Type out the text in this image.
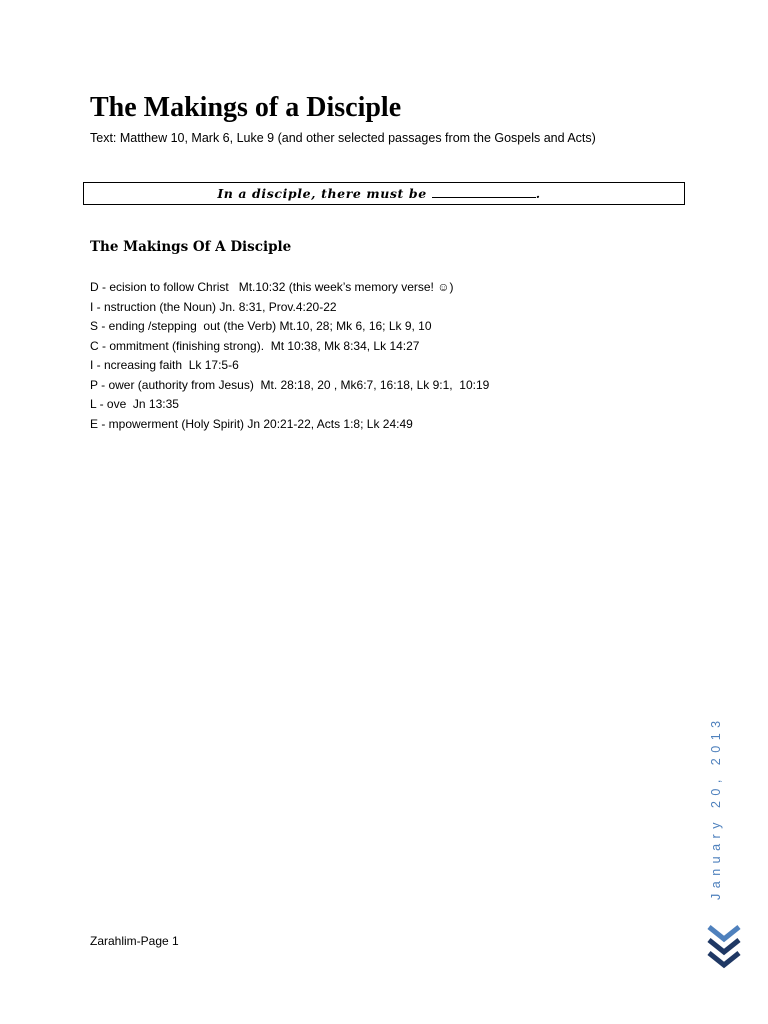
The Makings of a Disciple
Text: Matthew 10, Mark 6, Luke 9 (and other selected passages from the Gospels and Acts)
In a disciple, there must be	.
The Makings Of A Disciple
D - ecision to follow Christ   Mt.10:32 (this week’s memory verse! ☺)
I - nstruction (the Noun) Jn. 8:31, Prov.4:20-22
S - ending /stepping  out (the Verb) Mt.10, 28; Mk 6, 16; Lk 9, 10
C - ommitment (finishing strong).  Mt 10:38, Mk 8:34, Lk 14:27
I - ncreasing faith  Lk 17:5-6
P - ower (authority from Jesus)  Mt. 28:18, 20 , Mk6:7, 16:18, Lk 9:1,  10:19
L - ove  Jn 13:35
E - mpowerment (Holy Spirit) Jn 20:21-22, Acts 1:8; Lk 24:49
January 20, 2013
Zarahlim-Page 1
